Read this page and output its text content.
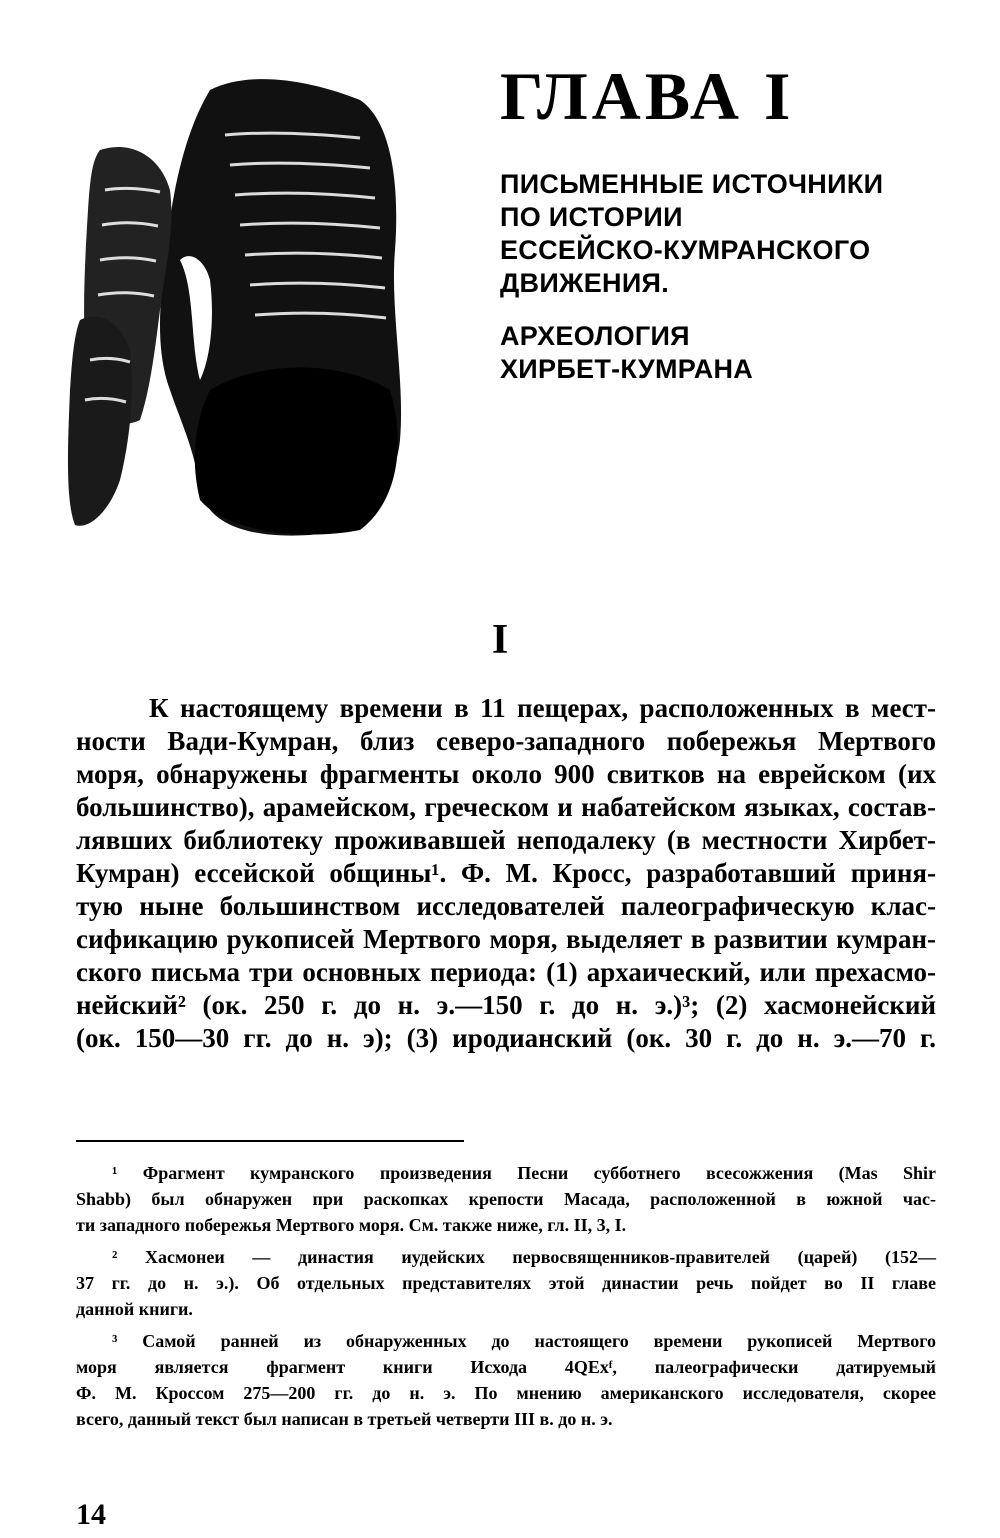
ГЛАВА I
ПИСЬМЕННЫЕ ИСТОЧНИКИ
ПО ИСТОРИИ
ЕССЕЙСКО-КУМРАНСКОГО
ДВИЖЕНИЯ.
АРХЕОЛОГИЯ
ХИРБЕТ-КУМРАНА
I
К настоящему времени в 11 пещерах, расположенных в мест-
ности Вади-Кумран, близ северо-западного побережья Мертвого
моря, обнаружены фрагменты около 900 свитков на еврейском (их
большинство), арамейском, греческом и набатейском языках, состав-
лявших библиотеку проживавшей неподалеку (в местности Хирбет-
Кумран) ессейской общины¹. Ф. М. Кросс, разработавший приня-
тую ныне большинством исследователей палеографическую клас-
сификацию рукописей Мертвого моря, выделяет в развитии кумран-
ского письма три основных периода: (1) архаический, или прехасмо-
нейский² (ок. 250 г. до н. э.—150 г. до н. э.)³; (2) хасмонейский
(ок. 150—30 гг. до н. э); (3) иродианский (ок. 30 г. до н. э.—70 г.
¹ Фрагмент кумранского произведения Песни субботнего всесожжения (Mas Shir
Shabb) был обнаружен при раскопках крепости Масада, расположенной в южной час-
ти западного побережья Мертвого моря. См. также ниже, гл. II, 3, I.
² Хасмонеи — династия иудейских первосвященников-правителей (царей) (152—
37 гг. до н. э.). Об отдельных представителях этой династии речь пойдет во II главе
данной книги.
³ Самой ранней из обнаруженных до настоящего времени рукописей Мертвого
моря является фрагмент книги Исхода 4QExᶠ, палеографически датируемый
Ф. М. Кроссом 275—200 гг. до н. э. По мнению американского исследователя, скорее
всего, данный текст был написан в третьей четверти III в. до н. э.
14
